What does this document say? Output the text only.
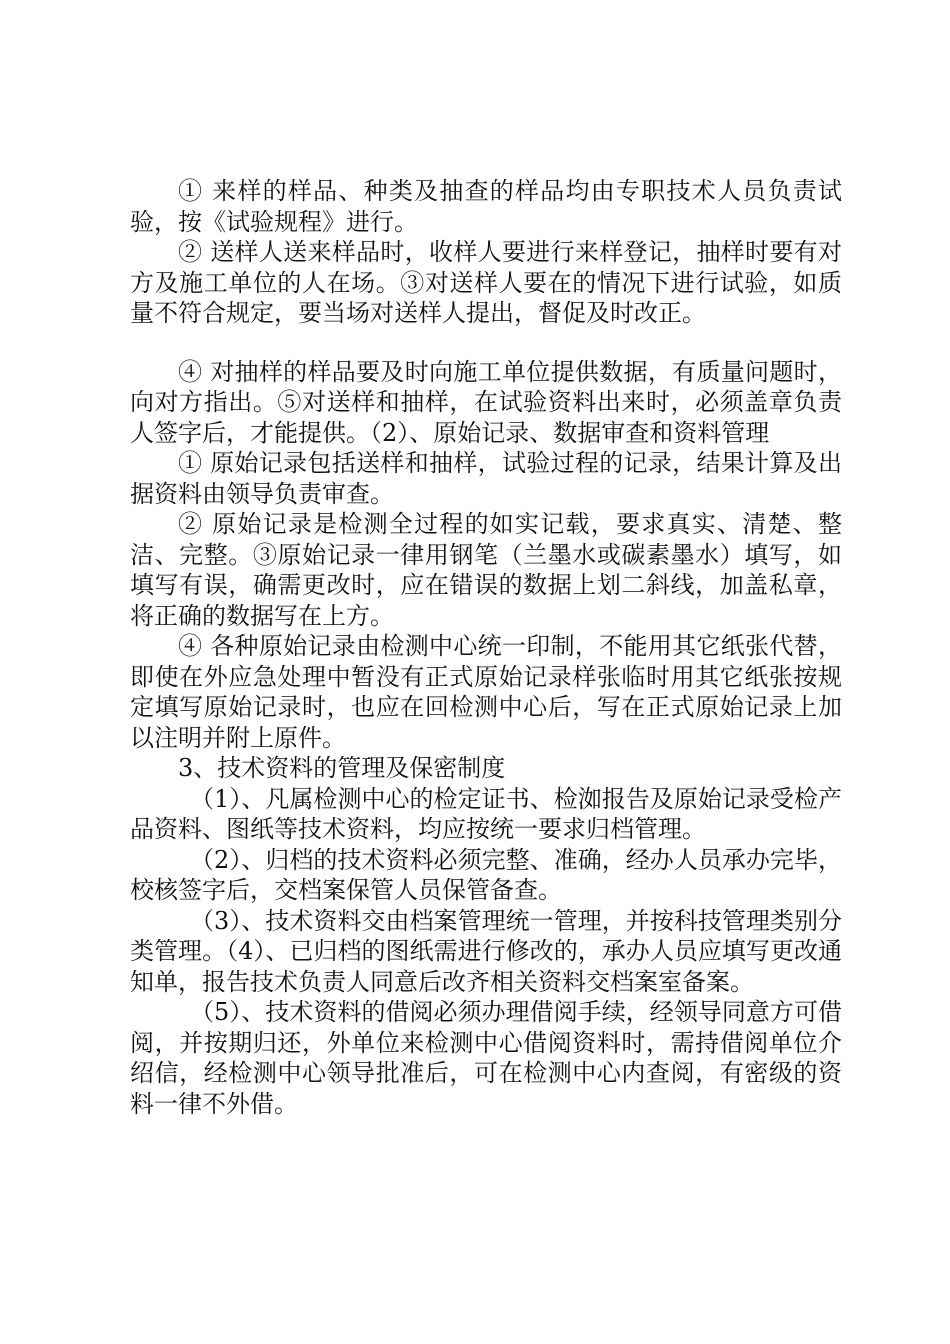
① 来样的样品、种类及抽查的样品均由专职技术人员负责试验，按《试验规程》进行。

② 送样人送来样品时，收样人要进行来样登记，抽样时要有对方及施工单位的人在场。③对送样人要在的情况下进行试验，如质量不符合规定，要当场对送样人提出，督促及时改正。

④ 对抽样的样品要及时向施工单位提供数据，有质量问题时，向对方指出。⑤对送样和抽样，在试验资料出来时，必须盖章负责人签字后，才能提供。（2）、原始记录、数据审查和资料管理

① 原始记录包括送样和抽样，试验过程的记录，结果计算及出据资料由领导负责审查。

② 原始记录是检测全过程的如实记载，要求真实、清楚、整洁、完整。③原始记录一律用钢笔（兰墨水或碳素墨水）填写，如填写有误，确需更改时，应在错误的数据上划二斜线，加盖私章，将正确的数据写在上方。

④ 各种原始记录由检测中心统一印制，不能用其它纸张代替，即使在外应急处理中暂没有正式原始记录样张临时用其它纸张按规定填写原始记录时，也应在回检测中心后，写在正式原始记录上加以注明并附上原件。

3、技术资料的管理及保密制度

（1）、凡属检测中心的检定证书、检洳报告及原始记录受检产品资料、图纸等技术资料，均应按统一要求归档管理。

（2）、归档的技术资料必须完整、准确，经办人员承办完毕，校核签字后，交档案保管人员保管备查。

（3）、技术资料交由档案管理统一管理，并按科技管理类别分类管理。（4）、已归档的图纸需进行修改的，承办人员应填写更改通知单，报告技术负责人同意后改齐相关资料交档案室备案。

（5）、技术资料的借阅必须办理借阅手续，经领导同意方可借阅，并按期归还，外单位来检测中心借阅资料时，需持借阅单位介绍信，经检测中心领导批准后，可在检测中心内查阅，有密级的资料一律不外借。
